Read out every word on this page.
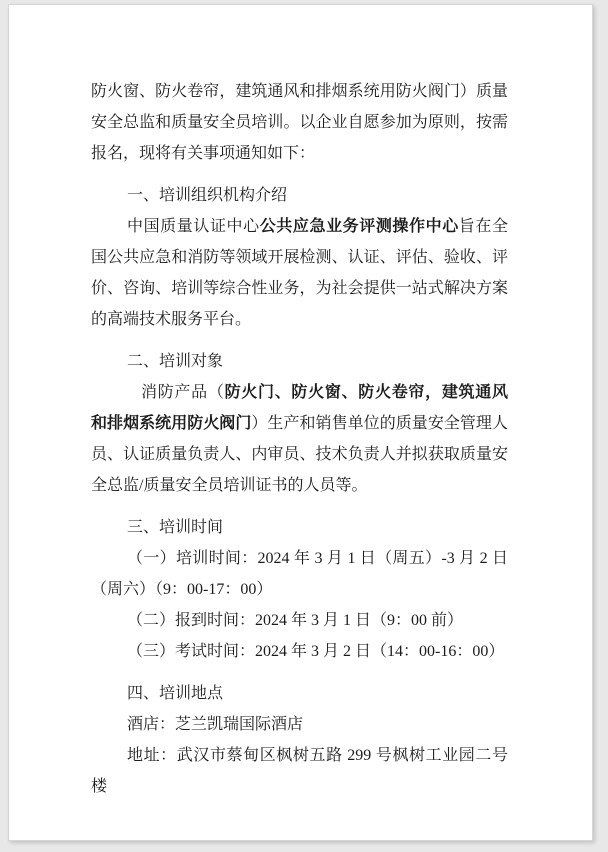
防火窗、防火卷帘，建筑通风和排烟系统用防火阀门）质量安全总监和质量安全员培训。以企业自愿参加为原则，按需报名，现将有关事项通知如下：

一、培训组织机构介绍

中国质量认证中心公共应急业务评测操作中心旨在全国公共应急和消防等领域开展检测、认证、评估、验收、评价、咨询、培训等综合性业务，为社会提供一站式解决方案的高端技术服务平台。

二、培训对象

消防产品（防火门、防火窗、防火卷帘，建筑通风和排烟系统用防火阀门）生产和销售单位的质量安全管理人员、认证质量负责人、内审员、技术负责人并拟获取质量安全总监/质量安全员培训证书的人员等。

三、培训时间

（一）培训时间：2024 年 3 月 1 日（周五）-3 月 2 日（周六）（9：00-17：00）

（二）报到时间：2024 年 3 月 1 日（9：00 前）

（三）考试时间：2024 年 3 月 2 日（14：00-16：00）

四、培训地点

酒店：芝兰凯瑞国际酒店

地址：武汉市蔡甸区枫树五路 299 号枫树工业园二号楼
